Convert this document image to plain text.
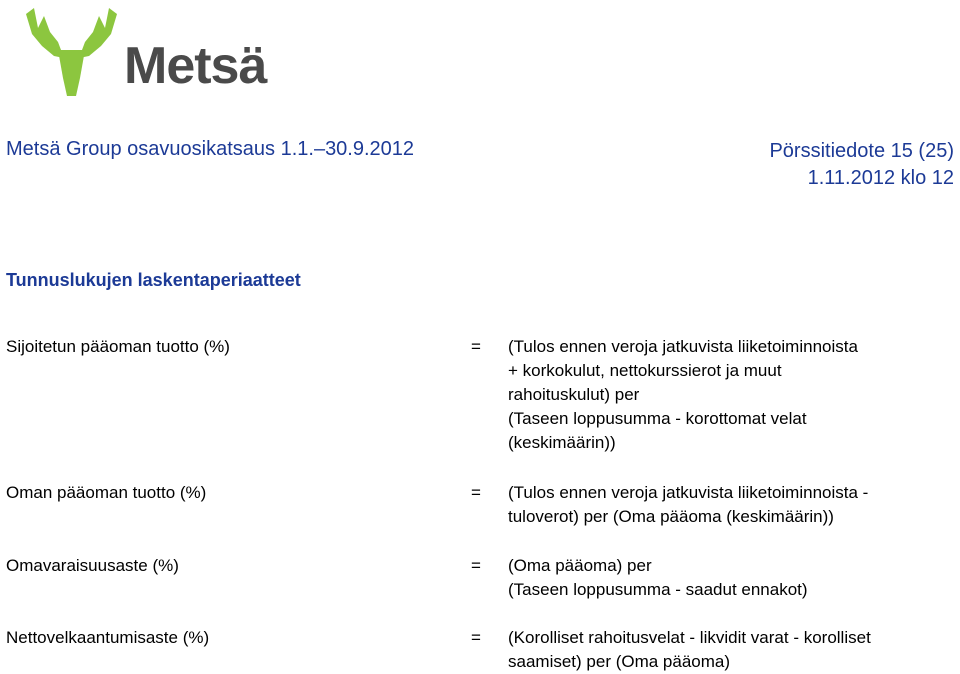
Metsä
Metsä Group osavuosikatsaus 1.1.–30.9.2012	Pörssitiedote 15 (25)
1.11.2012 klo 12
Tunnuslukujen laskentaperiaatteet
Sijoitetun pääoman tuotto (%)	= (Tulos ennen veroja jatkuvista liiketoiminnoista
+ korkokulut, nettokurssierot ja muut
rahoituskulut) per
(Taseen loppusumma - korottomat velat
(keskimäärin))
Oman pääoman tuotto (%)	= (Tulos ennen veroja jatkuvista liiketoiminnoista -
tuloverot) per (Oma pääoma (keskimäärin))
Omavaraisuusaste (%)	= (Oma pääoma) per
(Taseen loppusumma - saadut ennakot)
Nettovelkaantumisaste (%)	= (Korolliset rahoitusvelat - likvidit varat - korolliset
saamiset) per (Oma pääoma)
